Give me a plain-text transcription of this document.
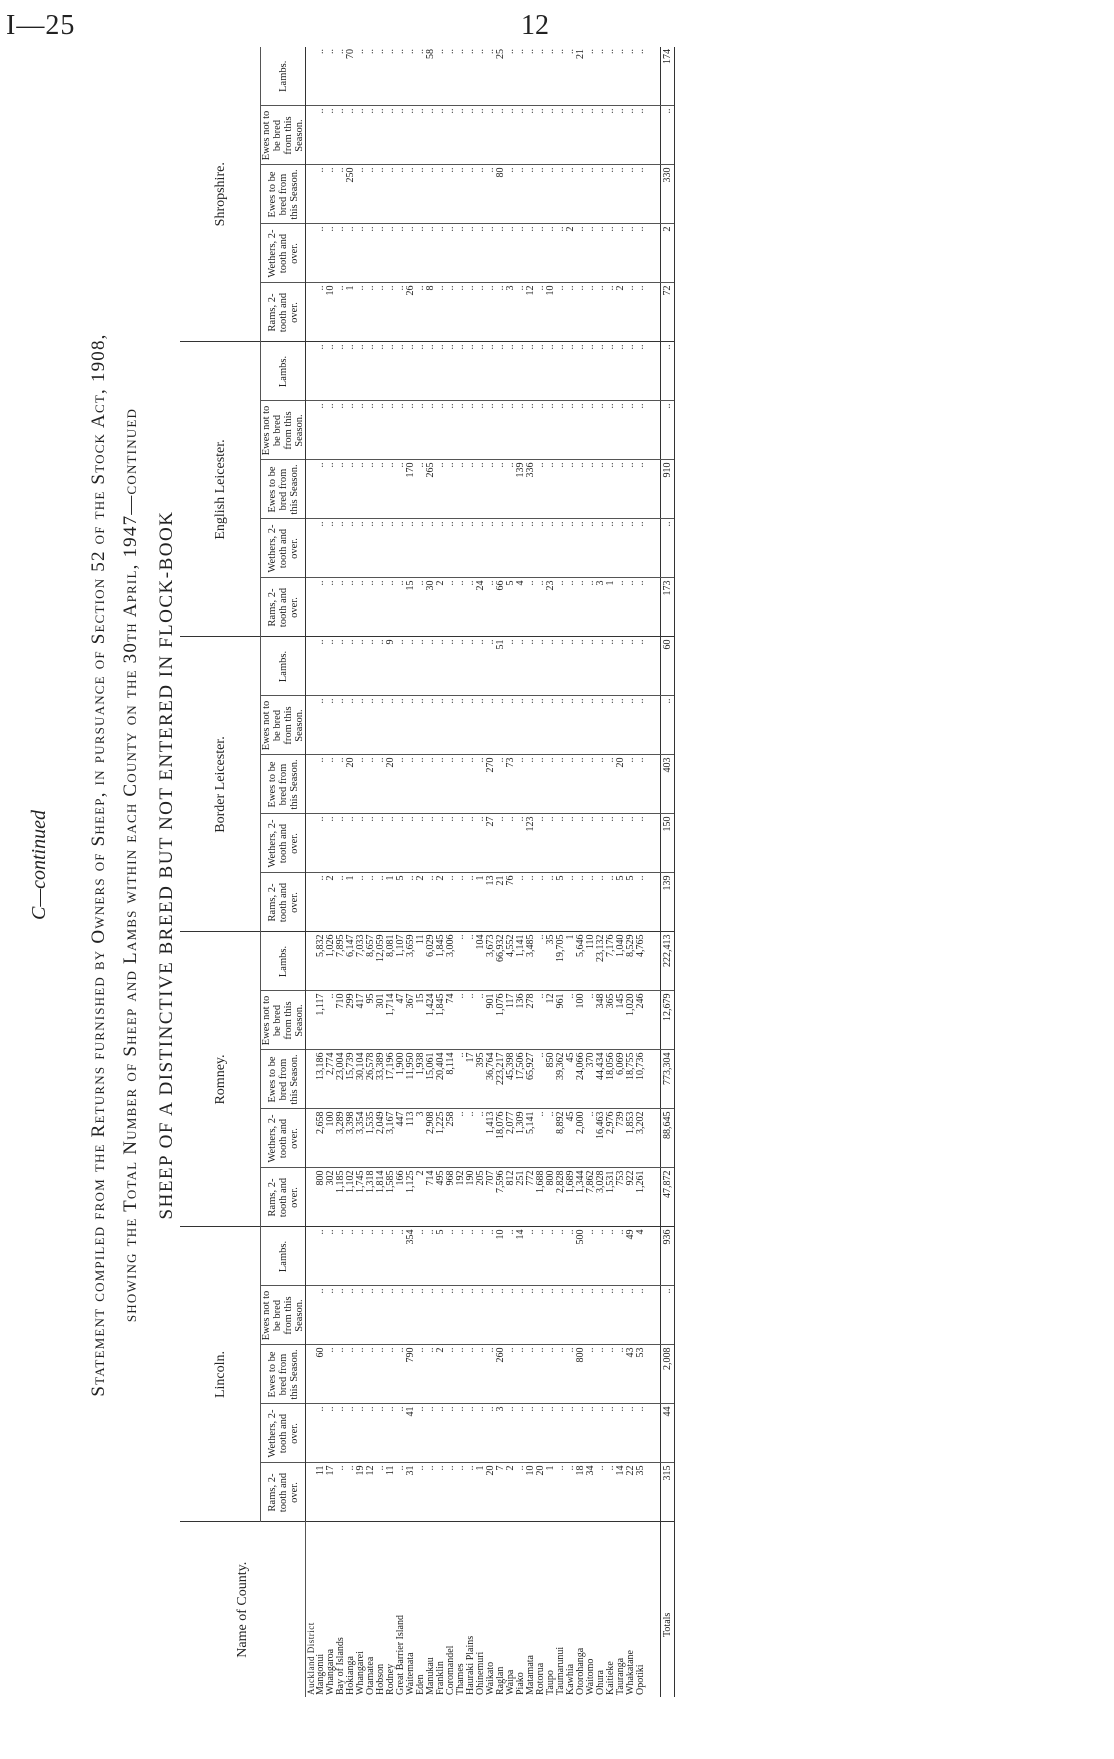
I—25	12
C—continued Statement compiled from the Returns furnished by Owners of Sheep, in pursuance of Section 52 of the Stock Act, 1908, showing the Total Number of Sheep and Lambs within each County on the 30th April, 1947—continued SHEEP OF A DISTINCTIVE BREED BUT NOT ENTERED IN FLOCK-BOOK
Name of County.	Lincoln.					Romney.					Border Leicester.					English Leicester.					Shropshire.				
	Rams, 2-tooth and over.	Wethers, 2-tooth and over.	Ewes to be bred from this Season.	Ewes not to be bred from this Season.	Lambs.	Rams, 2-tooth and over.	Wethers, 2-tooth and over.	Ewes to be bred from this Season.	Ewes not to be bred from this Season.	Lambs.	Rams, 2-tooth and over.	Wethers, 2-tooth and over.	Ewes to be bred from this Season.	Ewes not to be bred from this Season.	Lambs.	Rams, 2-tooth and over.	Wethers, 2-tooth and over.	Ewes to be bred from this Season.	Ewes not to be bred from this Season.	Lambs.	Rams, 2-tooth and over.	Wethers, 2-tooth and over.	Ewes to be bred from this Season.	Ewes not to be bred from this Season.	Lambs.
Auckland District																									
Mangonui	11	..	60	..	..	800	2,658	13,186	1,117	5,832	..	..	..	..	..	..	..	..	..	..	..	..	..	..	..
Whangaroa	17	..	..	..	..	302	100	2,774	..	1,026	2	..	..	..	..	..	..	..	..	..	10	..	..	..	..
Bay of Islands	..	..	..	..	..	1,185	3,289	23,004	710	7,895	..	..	..	..	..	..	..	..	..	..	..	..	..	..	..
Hokianga	..	..	..	..	..	1,102	3,398	15,739	299	6,147	1	..	20	..	..	..	..	..	..	..	1	..	250	..	70
Whangarei	19	..	..	..	..	1,745	3,354	30,104	417	7,033	..	..	..	..	..	..	..	..	..	..	..	..	..	..	..
Otamatea	12	..	..	..	..	1,318	1,535	26,578	95	8,657	..	..	..	..	..	..	..	..	..	..	..	..	..	..	..
Hobson	..	..	..	..	..	1,814	2,049	33,389	301	12,059	..	..	..	..	..	..	..	..	..	..	..	..	..	..	..
Rodney	11	..	..	..	..	1,585	3,167	17,196	1,714	8,081	1	..	20	..	9	..	..	..	..	..	..	..	..	..	..
Great Barrier Island	..	..	..	..	..	166	447	1,900	47	1,107	5	..	..	..	..	..	..	..	..	..	..	..	..	..	..
Waitemata	31	41	790	..	354	1,125	113	11,950	367	3,659	..	..	..	..	..	15	..	170	..	..	26	..	..	..	..
Eden	..	..	..	..	..	2	3	1,938	15	11	2	..	..	..	..	..	..	..	..	..	..	..	..	..	..
Manukau	..	..	..	..	..	714	2,908	15,061	1,424	6,029	..	..	..	..	..	30	..	265	..	..	8	..	..	..	58
Franklin	..	..	2	..	5	495	1,225	20,404	1,845	1,845	2	..	..	..	..	2	..	..	..	..	..	..	..	..	..
Coromandel	..	..	..	..	..	968	258	8,114	74	3,006	..	..	..	..	..	..	..	..	..	..	..	..	..	..	..
Thames	..	..	..	..	..	192	..	..	..	..	..	..	..	..	..	..	..	..	..	..	..	..	..	..	..
Hauraki Plains	..	..	..	..	..	190	..	17	..	..	..	..	..	..	..	..	..	..	..	..	..	..	..	..	..
Ohinemuri	1	..	..	..	..	205	..	395	..	104	1	..	..	..	..	24	..	..	..	..	..	..	..	..	..
Waikato	20	..	..	..	..	707	1,413	36,764	901	3,673	13	27	270	..	..	..	..	..	..	..	..	..	..	..	..
Raglan	7	3	260	..	10	7,596	18,076	223,217	1,076	66,932	21	..	..	..	51	66	..	..	..	..	..	..	80	..	25
Waipa	2	..	..	..	..	812	2,077	45,398	117	4,552	76	..	73	..	..	5	..	..	..	..	3	..	..	..	..
Piako	..	..	..	..	14	251	1,309	17,506	136	1,141	..	..	..	..	..	4	..	139	..	..	..	..	..	..	..
Matamata	10	..	..	..	..	772	5,141	65,927	278	3,485	..	123	..	..	..	..	..	336	..	..	12	..	..	..	..
Rotorua	20	..	..	..	..	1,688	..	..	..	..	..	..	..	..	..	..	..	..	..	..	..	..	..	..	..
Taupo	1	..	..	..	..	800	..	850	12	35	..	..	..	..	..	23	..	..	..	..	10	..	..	..	..
Taumarunui	..	..	..	..	..	2,828	8,892	39,362	961	19,705	5	..	..	..	..	..	..	..	..	..	..	..	..	..	..
Kawhia	..	..	..	..	..	1,689	45	45	..	1	..	..	..	..	..	..	..	..	..	..	..	2	..	..	..
Otorohanga	18	..	800	..	500	1,344	2,000	24,066	100	5,646	..	..	..	..	..	..	..	..	..	..	..	..	..	..	21
Waitomo	34	..	..	..	..	7,862	..	370	..	110	..	..	..	..	..	..	..	..	..	..	..	..	..	..	..
Ohura	..	..	..	..	..	3,028	16,463	44,434	348	23,132	..	..	..	..	..	3	..	..	..	..	..	..	..	..	..
Kaitieke	..	..	..	..	..	1,531	2,976	18,056	365	7,176	..	..	..	..	..	1	..	..	..	..	..	..	..	..	..
Tauranga	14	..	..	..	..	753	739	6,069	145	1,040	5	..	20	..	..	..	..	..	..	..	2	..	..	..	..
Whakatane	22	..	43	..	49	922	1,853	18,755	1,020	8,529	5	..	..	..	..	..	..	..	..	..	..	..	..	..	..
Opotiki	35	..	53	..	4	1,261	3,202	10,736	246	4,765	..	..	..	..	..	..	..	..	..	..	..	..	..	..	..

Totals	315	44	2,008	..	936	47,872	88,645	773,304	12,679	222,413	139	150	403	..	60	173	..	910	..	..	72	2	330	..	174
